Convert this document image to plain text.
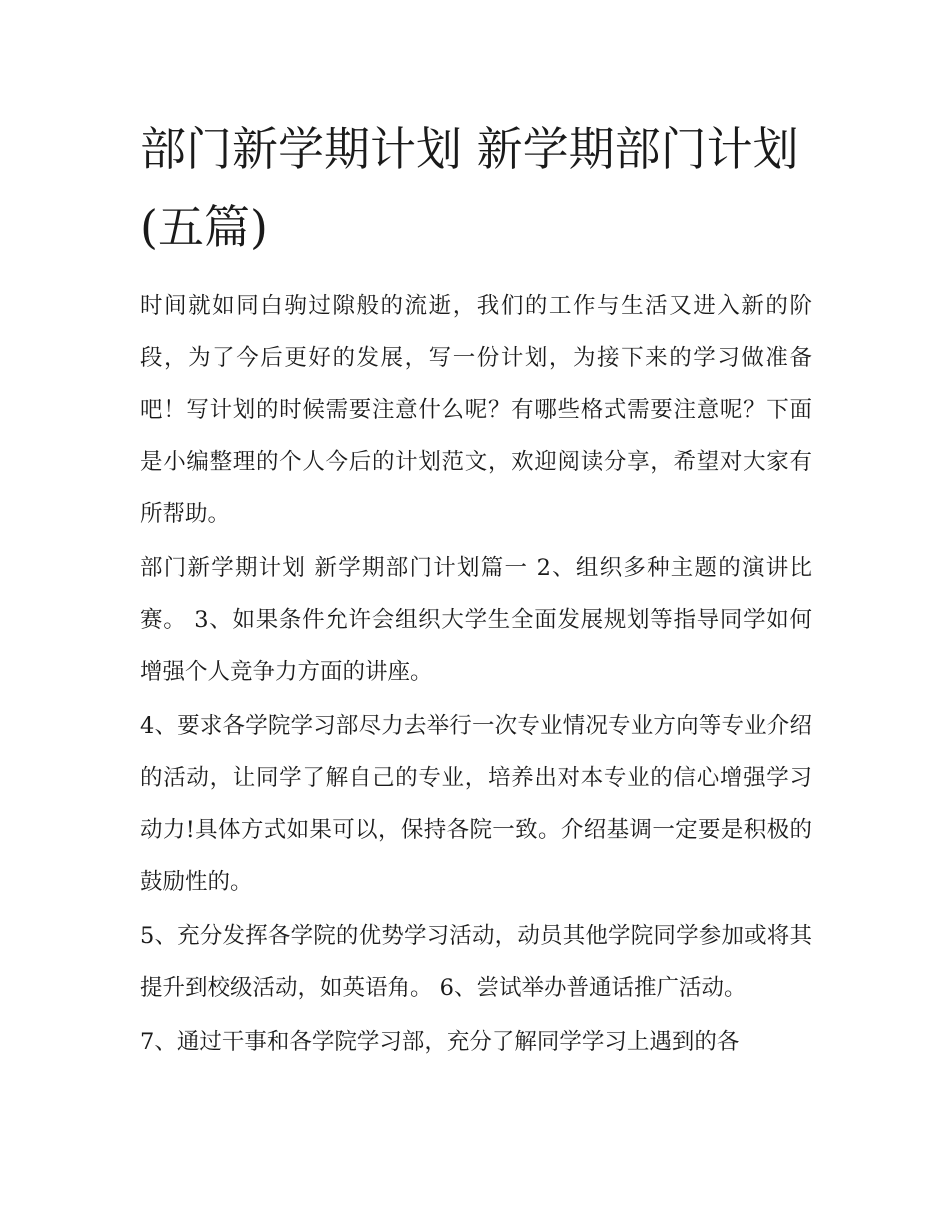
部门新学期计划 新学期部门计划(五篇)

时间就如同白驹过隙般的流逝，我们的工作与生活又进入新的阶段，为了今后更好的发展，写一份计划，为接下来的学习做准备吧！写计划的时候需要注意什么呢？有哪些格式需要注意呢？下面是小编整理的个人今后的计划范文，欢迎阅读分享，希望对大家有所帮助。

部门新学期计划 新学期部门计划篇一 2、组织多种主题的演讲比赛。 3、如果条件允许会组织大学生全面发展规划等指导同学如何增强个人竞争力方面的讲座。

4、要求各学院学习部尽力去举行一次专业情况专业方向等专业介绍的活动，让同学了解自己的专业，培养出对本专业的信心增强学习动力!具体方式如果可以，保持各院一致。介绍基调一定要是积极的鼓励性的。

5、充分发挥各学院的优势学习活动，动员其他学院同学参加或将其提升到校级活动，如英语角。 6、尝试举办普通话推广活动。

7、通过干事和各学院学习部，充分了解同学学习上遇到的各
